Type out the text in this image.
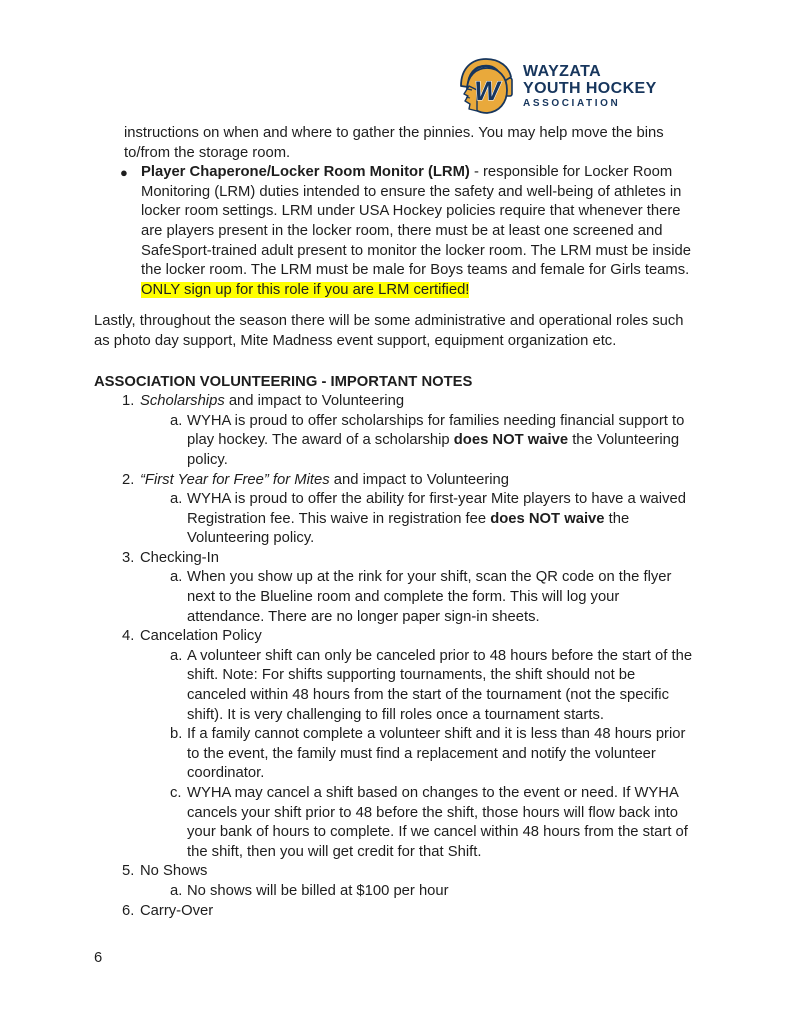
W
WAYZATA
YOUTH HOCKEY
ASSOCIATION
instructions on when and where to gather the pinnies. You may help move the bins to/from the storage room.
● Player Chaperone/Locker Room Monitor (LRM) - responsible for Locker Room Monitoring (LRM) duties intended to ensure the safety and well-being of athletes in locker room settings. LRM under USA Hockey policies require that whenever there are players present in the locker room, there must be at least one screened and SafeSport-trained adult present to monitor the locker room. The LRM must be inside the locker room. The LRM must be male for Boys teams and female for Girls teams. ONLY sign up for this role if you are LRM certified!
Lastly, throughout the season there will be some administrative and operational roles such as photo day support, Mite Madness event support, equipment organization etc.
ASSOCIATION VOLUNTEERING - IMPORTANT NOTES
1. Scholarships and impact to Volunteering
a. WYHA is proud to offer scholarships for families needing financial support to play hockey. The award of a scholarship does NOT waive the Volunteering policy.
2. “First Year for Free” for Mites and impact to Volunteering
a. WYHA is proud to offer the ability for first-year Mite players to have a waived Registration fee. This waive in registration fee does NOT waive the Volunteering policy.
3. Checking-In
a. When you show up at the rink for your shift, scan the QR code on the flyer next to the Blueline room and complete the form. This will log your attendance. There are no longer paper sign-in sheets.
4. Cancelation Policy
a. A volunteer shift can only be canceled prior to 48 hours before the start of the shift. Note: For shifts supporting tournaments, the shift should not be canceled within 48 hours from the start of the tournament (not the specific shift). It is very challenging to fill roles once a tournament starts.
b. If a family cannot complete a volunteer shift and it is less than 48 hours prior to the event, the family must find a replacement and notify the volunteer coordinator.
c. WYHA may cancel a shift based on changes to the event or need. If WYHA cancels your shift prior to 48 before the shift, those hours will flow back into your bank of hours to complete. If we cancel within 48 hours from the start of the shift, then you will get credit for that Shift.
5. No Shows
a. No shows will be billed at $100 per hour
6. Carry-Over
6
